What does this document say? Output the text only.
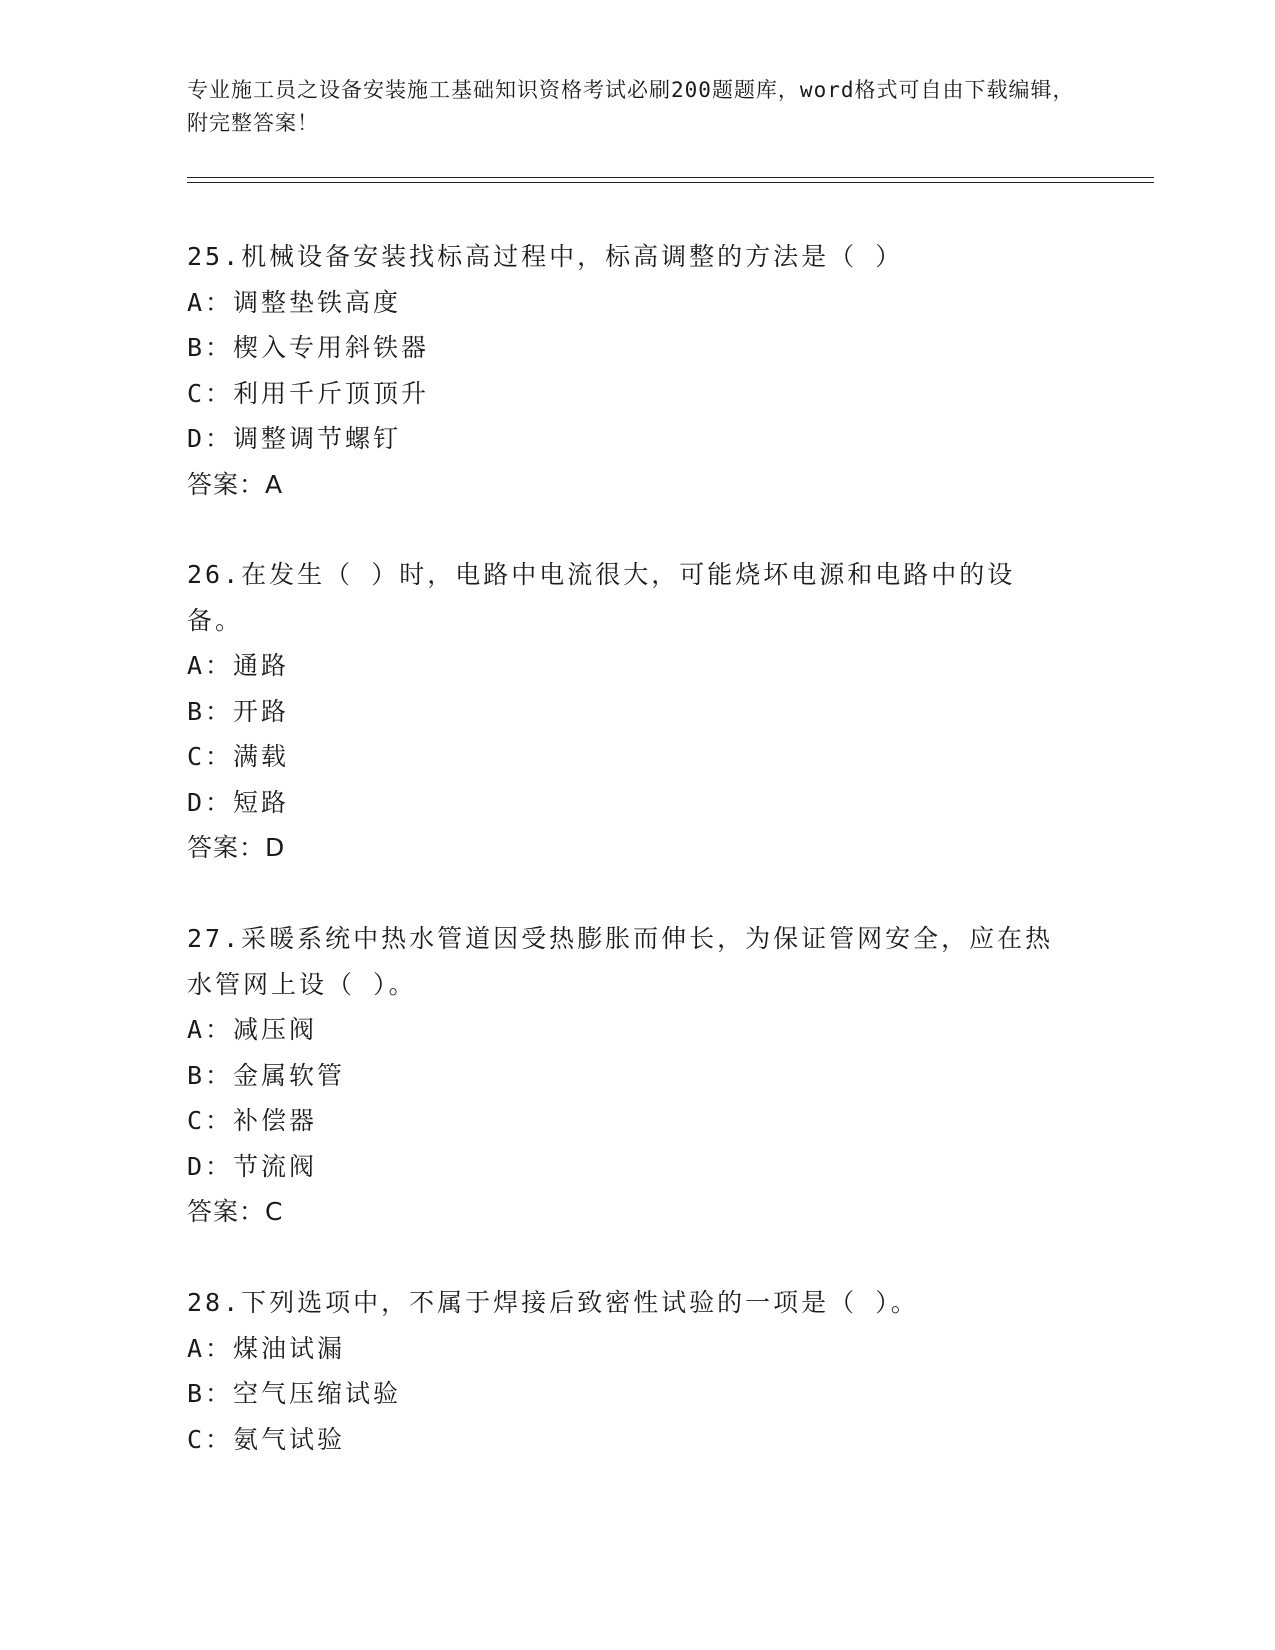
专业施工员之设备安装施工基础知识资格考试必刷200题题库，word格式可自由下载编辑，附完整答案！
25.机械设备安装找标高过程中，标高调整的方法是（ ）
A：调整垫铁高度
B：楔入专用斜铁器
C：利用千斤顶顶升
D：调整调节螺钉
答案：A
26.在发生（ ）时，电路中电流很大，可能烧坏电源和电路中的设备。
A：通路
B：开路
C：满载
D：短路
答案：D
27.采暖系统中热水管道因受热膨胀而伸长，为保证管网安全，应在热水管网上设（ ）。
A：减压阀
B：金属软管
C：补偿器
D：节流阀
答案：C
28.下列选项中，不属于焊接后致密性试验的一项是（ ）。
A：煤油试漏
B：空气压缩试验
C：氨气试验
